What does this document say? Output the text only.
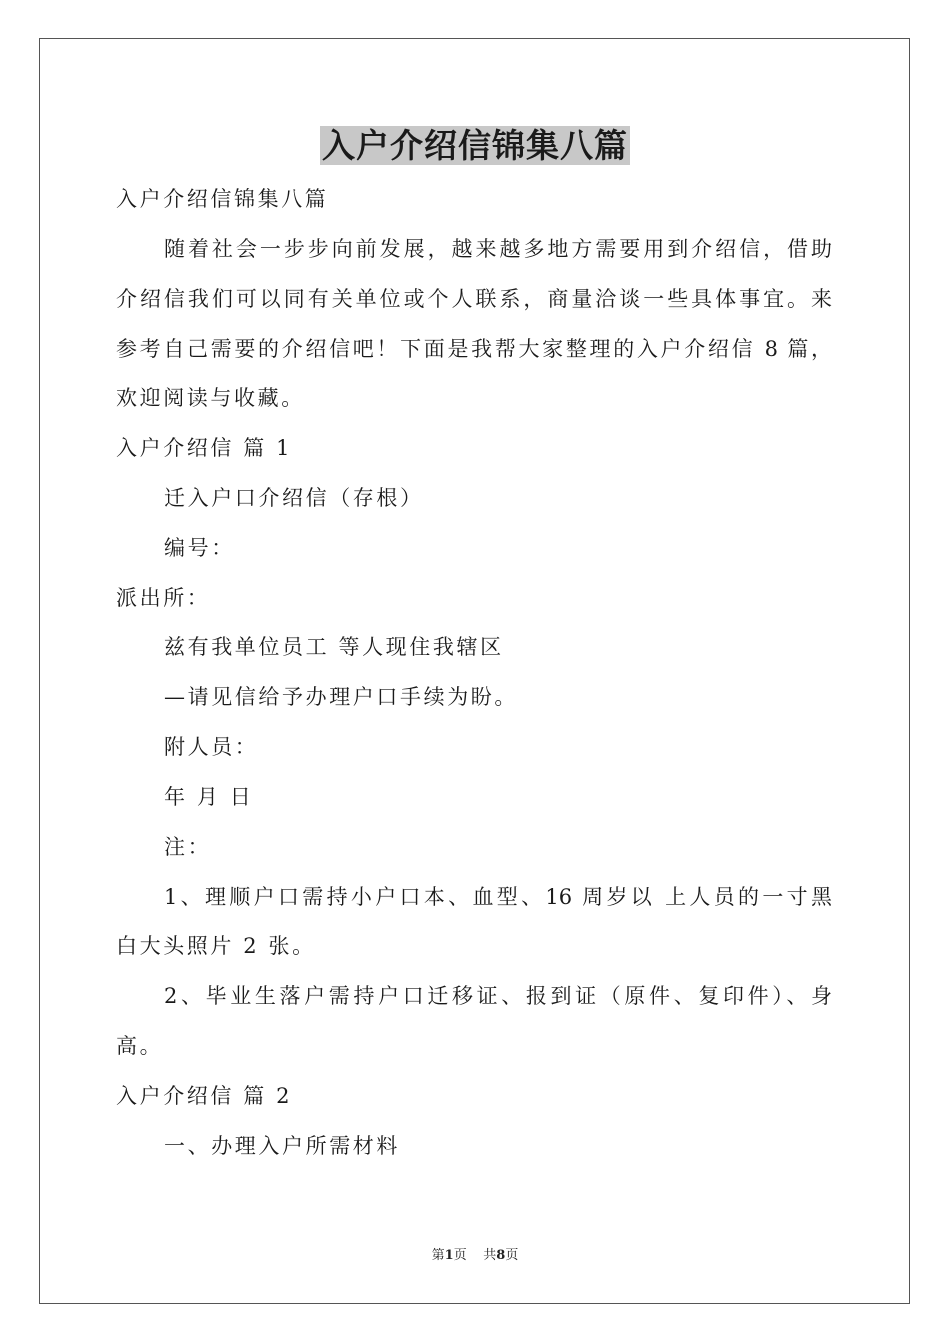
入户介绍信锦集八篇
入户介绍信锦集八篇
随着社会一步步向前发展，越来越多地方需要用到介绍信，借助
介绍信我们可以同有关单位或个人联系，商量洽谈一些具体事宜。来
参考自己需要的介绍信吧！下面是我帮大家整理的入户介绍信 8 篇，
欢迎阅读与收藏。
入户介绍信 篇 1
迁入户口介绍信（存根）
编号：
派出所：
兹有我单位员工 等人现住我辖区
—请见信给予办理户口手续为盼。
附人员：
年 月 日
注：
1、理顺户口需持小户口本、血型、16 周岁以 上人员的一寸黑
白大头照片 2 张。
2、毕业生落户需持户口迁移证、报到证（原件、复印件）、身
高。
入户介绍信 篇 2
一、办理入户所需材料
第1页 共8页
